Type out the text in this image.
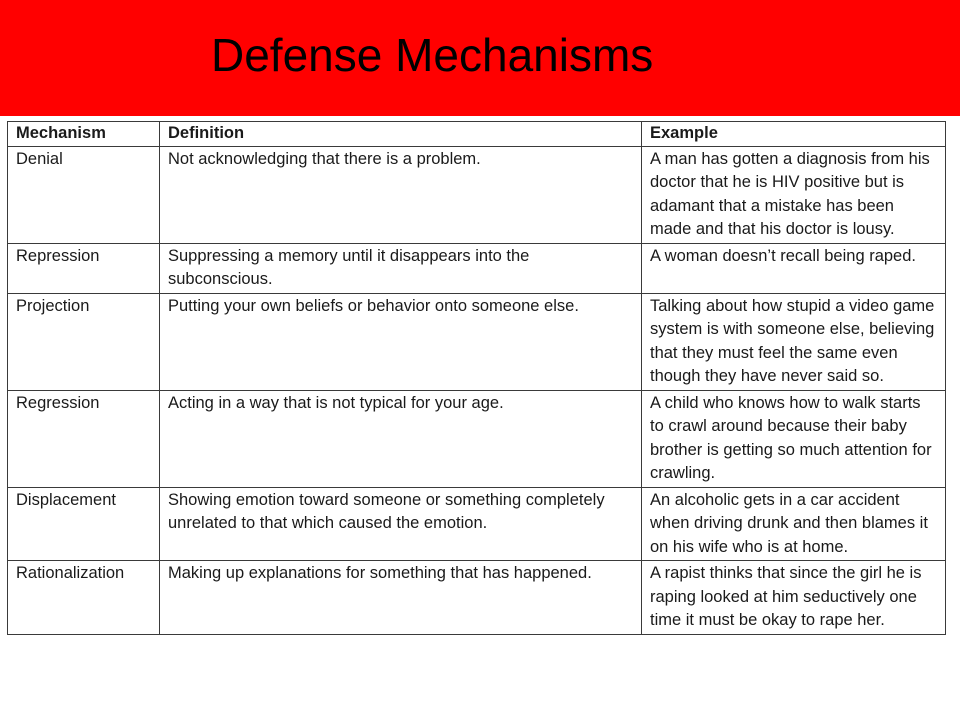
Defense Mechanisms
Mechanism	Definition	Example
Denial	Not acknowledging that there is a problem.	A man has gotten a diagnosis from his doctor that he is HIV positive but is adamant that a mistake has been made and that his doctor is lousy.
Repression	Suppressing a memory until it disappears into the subconscious.	A woman doesn’t recall being raped.
Projection	Putting your own beliefs or behavior onto someone else.	Talking about how stupid a video game system is with someone else, believing that they must feel the same even though they have never said so.
Regression	Acting in a way that is not typical for your age.	A child who knows how to walk starts to crawl around because their baby brother is getting so much attention for crawling.
Displacement	Showing emotion toward someone or something completely unrelated to that which caused the emotion.	An alcoholic gets in a car accident when driving drunk and then blames it on his wife who is at home.
Rationalization	Making up explanations for something that has happened.	A rapist thinks that since the girl he is raping looked at him seductively one time it must be okay to rape her.
